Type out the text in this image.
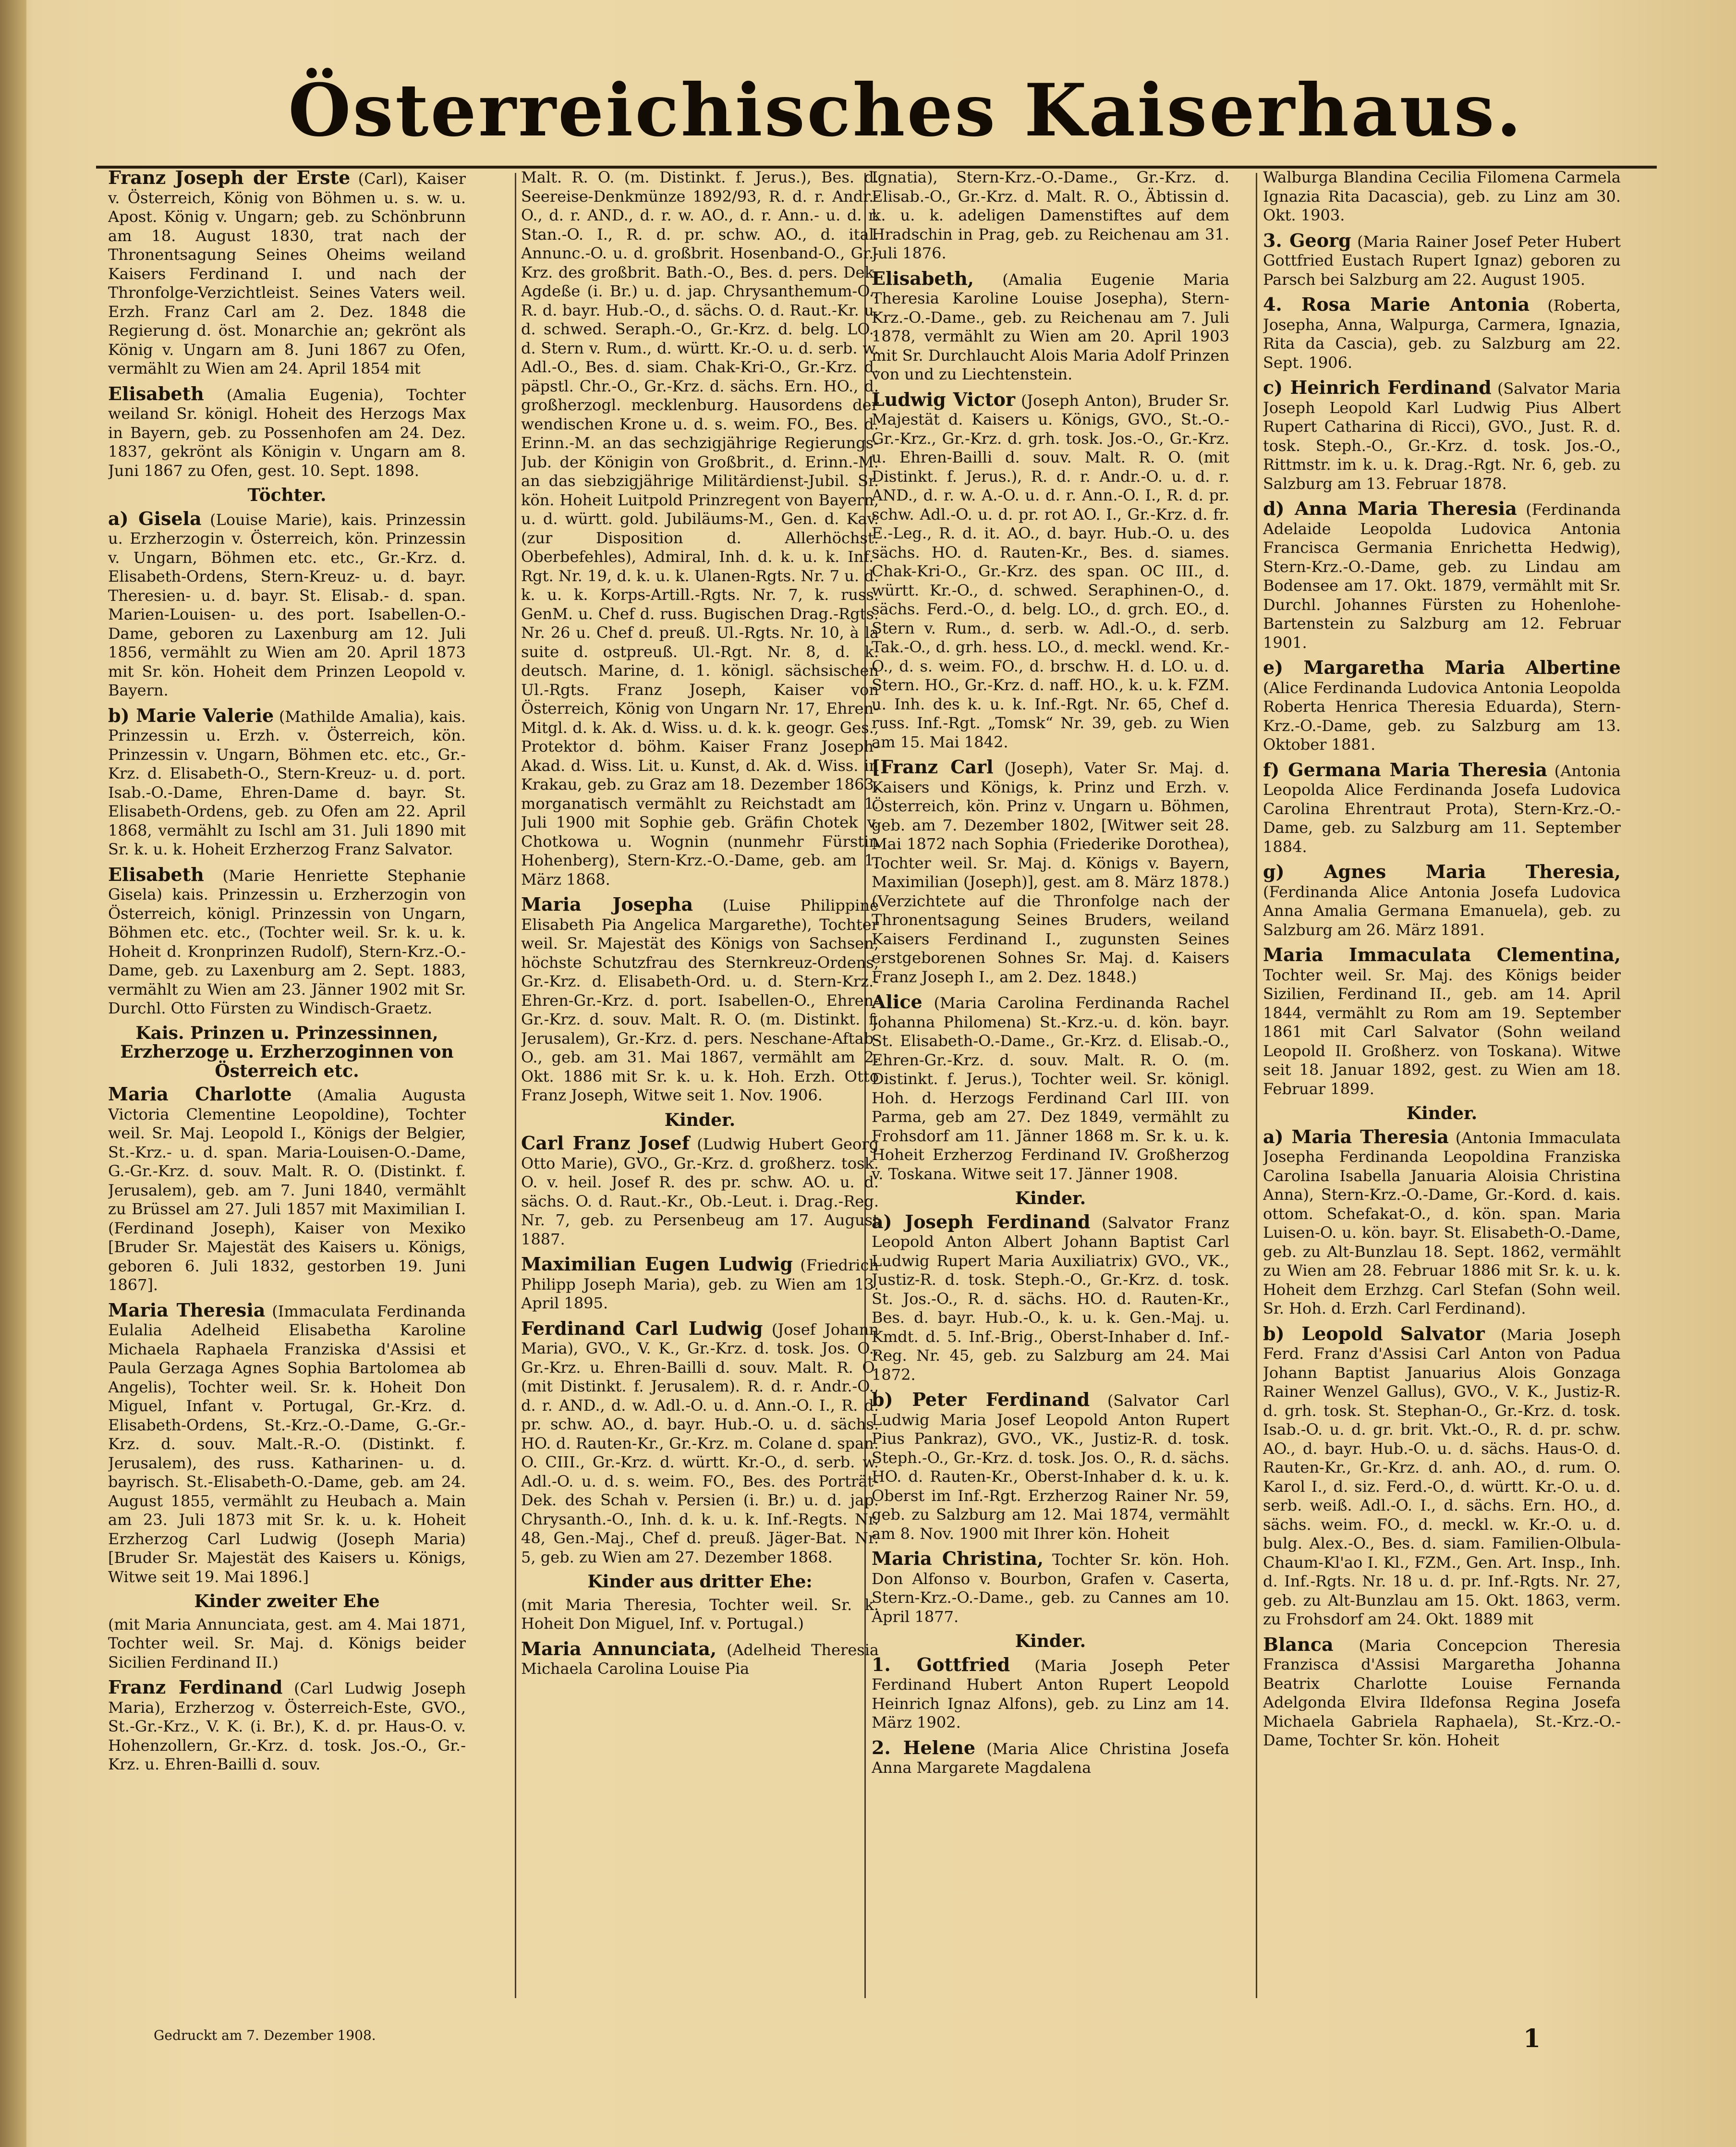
Österreichisches Kaiserhaus.
Franz Joseph der Erste (Carl), Kaiser v. Österreich, König von Böhmen u. s. w. u. Apost. König v. Ungarn; geb. zu Schönbrunn am 18. August 1830, trat nach der Thronentsagung Seines Oheims weiland Kaisers Ferdinand I. und nach der Thronfolge-Verzichtleist. Seines Vaters weil. Erzh. Franz Carl am 2. Dez. 1848 die Regierung d. öst. Monarchie an; gekrönt als König v. Ungarn am 8. Juni 1867 zu Ofen, vermählt zu Wien am 24. April 1854 mit
Elisabeth (Amalia Eugenia), Tochter weiland Sr. königl. Hoheit des Herzogs Max in Bayern, geb. zu Possenhofen am 24. Dez. 1837, gekrönt als Königin v. Ungarn am 8. Juni 1867 zu Ofen, gest. 10. Sept. 1898.
Töchter.
a) Gisela (Louise Marie), kais. Prinzessin u. Erzherzogin v. Österreich, kön. Prinzessin v. Ungarn, Böhmen etc. etc., Gr.-Krz. d. Elisabeth-Ordens, Stern-Kreuz- u. d. bayr. Theresien- u. d. bayr. St. Elisab.- d. span. Marien-Louisen- u. des port. Isabellen-O.-Dame, geboren zu Laxenburg am 12. Juli 1856, vermählt zu Wien am 20. April 1873 mit Sr. kön. Hoheit dem Prinzen Leopold v. Bayern.
b) Marie Valerie (Mathilde Amalia), kais. Prinzessin u. Erzh. v. Österreich, kön. Prinzessin v. Ungarn, Böhmen etc. etc., Gr.-Krz. d. Elisabeth-O., Stern-Kreuz- u. d. port. Isab.-O.-Dame, Ehren-Dame d. bayr. St. Elisabeth-Ordens, geb. zu Ofen am 22. April 1868, vermählt zu Ischl am 31. Juli 1890 mit Sr. k. u. k. Hoheit Erzherzog Franz Salvator.
Elisabeth (Marie Henriette Stephanie Gisela) kais. Prinzessin u. Erzherzogin von Österreich, königl. Prinzessin von Ungarn, Böhmen etc. etc., (Tochter weil. Sr. k. u. k. Hoheit d. Kronprinzen Rudolf), Stern-Krz.-O.-Dame, geb. zu Laxenburg am 2. Sept. 1883, vermählt zu Wien am 23. Jänner 1902 mit Sr. Durchl. Otto Fürsten zu Windisch-Graetz.
Kais. Prinzen u. Prinzessinnen, Erzherzoge u. Erzherzoginnen von Österreich etc.
Maria Charlotte (Amalia Augusta Victoria Clementine Leopoldine), Tochter weil. Sr. Maj. Leopold I., Königs der Belgier, St.-Krz.- u. d. span. Maria-Louisen-O.-Dame, G.-Gr.-Krz. d. souv. Malt. R. O. (Distinkt. f. Jerusalem), geb. am 7. Juni 1840, vermählt zu Brüssel am 27. Juli 1857 mit Maximilian I. (Ferdinand Joseph), Kaiser von Mexiko [Bruder Sr. Majestät des Kaisers u. Königs, geboren 6. Juli 1832, gestorben 19. Juni 1867].
Maria Theresia (Immaculata Ferdinanda Eulalia Adelheid Elisabetha Karoline Michaela Raphaela Franziska d'Assisi et Paula Gerzaga Agnes Sophia Bartolomea ab Angelis), Tochter weil. Sr. k. Hoheit Don Miguel, Infant v. Portugal, Gr.-Krz. d. Elisabeth-Ordens, St.-Krz.-O.-Dame, G.-Gr.-Krz. d. souv. Malt.-R.-O. (Distinkt. f. Jerusalem), des russ. Katharinen- u. d. bayrisch. St.-Elisabeth-O.-Dame, geb. am 24. August 1855, vermählt zu Heubach a. Main am 23. Juli 1873 mit Sr. k. u. k. Hoheit Erzherzog Carl Ludwig (Joseph Maria) [Bruder Sr. Majestät des Kaisers u. Königs, Witwe seit 19. Mai 1896.]
Kinder zweiter Ehe
(mit Maria Annunciata, gest. am 4. Mai 1871, Tochter weil. Sr. Maj. d. Königs beider Sicilien Ferdinand II.)
Franz Ferdinand (Carl Ludwig Joseph Maria), Erzherzog v. Österreich-Este, GVO., St.-Gr.-Krz., V. K. (i. Br.), K. d. pr. Haus-O. v. Hohenzollern, Gr.-Krz. d. tosk. Jos.-O., Gr.-Krz. u. Ehren-Bailli d. souv.
Malt. R. O. (m. Distinkt. f. Jerus.), Bes. d. Seereise-Denkmünze 1892/93, R. d. r. Andr.-O., d. r. AND., d. r. w. AO., d. r. Ann.- u. d. r. Stan.-O. I., R. d. pr. schw. AO., d. ital. Annunc.-O. u. d. großbrit. Hosenband-O., Gr.-Krz. des großbrit. Bath.-O., Bes. d. pers. Dek. Agdeße (i. Br.) u. d. jap. Chrysanthemum-O., R. d. bayr. Hub.-O., d. sächs. O. d. Raut.-Kr. u. d. schwed. Seraph.-O., Gr.-Krz. d. belg. LO., d. Stern v. Rum., d. württ. Kr.-O. u. d. serb. w. Adl.-O., Bes. d. siam. Chak-Kri-O., Gr.-Krz. d. päpstl. Chr.-O., Gr.-Krz. d. sächs. Ern. HO., d. großherzogl. mecklenburg. Hausordens der wendischen Krone u. d. s. weim. FO., Bes. d. Erinn.-M. an das sechzigjährige Regierungs-Jub. der Königin von Großbrit., d. Erinn.-M. an das siebzigjährige Militärdienst-Jubil. Sr. kön. Hoheit Luitpold Prinzregent von Bayern, u. d. württ. gold. Jubiläums-M., Gen. d. Kav. (zur Disposition d. Allerhöchst. Oberbefehles), Admiral, Inh. d. k. u. k. Inf.-Rgt. Nr. 19, d. k. u. k. Ulanen-Rgts. Nr. 7 u. d. k. u. k. Korps-Artill.-Rgts. Nr. 7, k. russ. GenM. u. Chef d. russ. Bugischen Drag.-Rgts. Nr. 26 u. Chef d. preuß. Ul.-Rgts. Nr. 10, à la suite d. ostpreuß. Ul.-Rgt. Nr. 8, d. k. deutsch. Marine, d. 1. königl. sächsischen Ul.-Rgts. Franz Joseph, Kaiser von Österreich, König von Ungarn Nr. 17, Ehren-Mitgl. d. k. Ak. d. Wiss. u. d. k. k. geogr. Ges., Protektor d. böhm. Kaiser Franz Joseph-Akad. d. Wiss. Lit. u. Kunst, d. Ak. d. Wiss. in Krakau, geb. zu Graz am 18. Dezember 1863, morganatisch vermählt zu Reichstadt am 1. Juli 1900 mit Sophie geb. Gräfin Chotek v. Chotkowa u. Wognin (nunmehr Fürstin Hohenberg), Stern-Krz.-O.-Dame, geb. am 1. März 1868.
Maria Josepha (Luise Philippine Elisabeth Pia Angelica Margarethe), Tochter weil. Sr. Majestät des Königs von Sachsen, höchste Schutzfrau des Sternkreuz-Ordens, Gr.-Krz. d. Elisabeth-Ord. u. d. Stern-Krz.-Ehren-Gr.-Krz. d. port. Isabellen-O., Ehren-Gr.-Krz. d. souv. Malt. R. O. (m. Distinkt. f. Jerusalem), Gr.-Krz. d. pers. Neschane-Aftab-O., geb. am 31. Mai 1867, vermählt am 2. Okt. 1886 mit Sr. k. u. k. Hoh. Erzh. Otto Franz Joseph, Witwe seit 1. Nov. 1906.
Kinder.
Carl Franz Josef (Ludwig Hubert Georg Otto Marie), GVO., Gr.-Krz. d. großherz. tosk. O. v. heil. Josef R. des pr. schw. AO. u. d. sächs. O. d. Raut.-Kr., Ob.-Leut. i. Drag.-Reg. Nr. 7, geb. zu Persenbeug am 17. August 1887.
Maximilian Eugen Ludwig (Friedrich Philipp Joseph Maria), geb. zu Wien am 13. April 1895.
Ferdinand Carl Ludwig (Josef Johann Maria), GVO., V. K., Gr.-Krz. d. tosk. Jos. O., Gr.-Krz. u. Ehren-Bailli d. souv. Malt. R. O. (mit Distinkt. f. Jerusalem). R. d. r. Andr.-O., d. r. AND., d. w. Adl.-O. u. d. Ann.-O. I., R. d. pr. schw. AO., d. bayr. Hub.-O. u. d. sächs. HO. d. Rauten-Kr., Gr.-Krz. m. Colane d. span. O. CIII., Gr.-Krz. d. württ. Kr.-O., d. serb. w. Adl.-O. u. d. s. weim. FO., Bes. des Porträt-Dek. des Schah v. Persien (i. Br.) u. d. jap. Chrysanth.-O., Inh. d. k. u. k. Inf.-Regts. Nr. 48, Gen.-Maj., Chef d. preuß. Jäger-Bat. Nr. 5, geb. zu Wien am 27. Dezember 1868.
Kinder aus dritter Ehe:
(mit Maria Theresia, Tochter weil. Sr. k. Hoheit Don Miguel, Inf. v. Portugal.)
Maria Annunciata, (Adelheid Theresia Michaela Carolina Louise Pia
Ignatia), Stern-Krz.-O.-Dame., Gr.-Krz. d. Elisab.-O., Gr.-Krz. d. Malt. R. O., Äbtissin d. k. u. k. adeligen Damenstiftes auf dem Hradschin in Prag, geb. zu Reichenau am 31. Juli 1876.
Elisabeth, (Amalia Eugenie Maria Theresia Karoline Louise Josepha), Stern-Krz.-O.-Dame., geb. zu Reichenau am 7. Juli 1878, vermählt zu Wien am 20. April 1903 mit Sr. Durchlaucht Alois Maria Adolf Prinzen von und zu Liechtenstein.
Ludwig Victor (Joseph Anton), Bruder Sr. Majestät d. Kaisers u. Königs, GVO., St.-O.-Gr.-Krz., Gr.-Krz. d. grh. tosk. Jos.-O., Gr.-Krz. u. Ehren-Bailli d. souv. Malt. R. O. (mit Distinkt. f. Jerus.), R. d. r. Andr.-O. u. d. r. AND., d. r. w. A.-O. u. d. r. Ann.-O. I., R. d. pr. schw. Adl.-O. u. d. pr. rot AO. I., Gr.-Krz. d. fr. E.-Leg., R. d. it. AO., d. bayr. Hub.-O. u. des sächs. HO. d. Rauten-Kr., Bes. d. siames. Chak-Kri-O., Gr.-Krz. des span. OC III., d. württ. Kr.-O., d. schwed. Seraphinen-O., d. sächs. Ferd.-O., d. belg. LO., d. grch. EO., d. Stern v. Rum., d. serb. w. Adl.-O., d. serb. Tak.-O., d. grh. hess. LO., d. meckl. wend. Kr.-O., d. s. weim. FO., d. brschw. H. d. LO. u. d. Stern. HO., Gr.-Krz. d. naff. HO., k. u. k. FZM. u. Inh. des k. u. k. Inf.-Rgt. Nr. 65, Chef d. russ. Inf.-Rgt. „Tomsk“ Nr. 39, geb. zu Wien am 15. Mai 1842.
[Franz Carl (Joseph), Vater Sr. Maj. d. Kaisers und Königs, k. Prinz und Erzh. v. Österreich, kön. Prinz v. Ungarn u. Böhmen, geb. am 7. Dezember 1802, [Witwer seit 28. Mai 1872 nach Sophia (Friederike Dorothea), Tochter weil. Sr. Maj. d. Königs v. Bayern, Maximilian (Joseph)], gest. am 8. März 1878.) (Verzichtete auf die Thronfolge nach der Thronentsagung Seines Bruders, weiland Kaisers Ferdinand I., zugunsten Seines erstgeborenen Sohnes Sr. Maj. d. Kaisers Franz Joseph I., am 2. Dez. 1848.)
Alice (Maria Carolina Ferdinanda Rachel Johanna Philomena) St.-Krz.-u. d. kön. bayr. St. Elisabeth-O.-Dame., Gr.-Krz. d. Elisab.-O., Ehren-Gr.-Krz. d. souv. Malt. R. O. (m. Distinkt. f. Jerus.), Tochter weil. Sr. königl. Hoh. d. Herzogs Ferdinand Carl III. von Parma, geb am 27. Dez 1849, vermählt zu Frohsdorf am 11. Jänner 1868 m. Sr. k. u. k. Hoheit Erzherzog Ferdinand IV. Großherzog v. Toskana. Witwe seit 17. Jänner 1908.
Kinder.
a) Joseph Ferdinand (Salvator Franz Leopold Anton Albert Johann Baptist Carl Ludwig Rupert Maria Auxiliatrix) GVO., VK., Justiz-R. d. tosk. Steph.-O., Gr.-Krz. d. tosk. St. Jos.-O., R. d. sächs. HO. d. Rauten-Kr., Bes. d. bayr. Hub.-O., k. u. k. Gen.-Maj. u. Kmdt. d. 5. Inf.-Brig., Oberst-Inhaber d. Inf.-Reg. Nr. 45, geb. zu Salzburg am 24. Mai 1872.
b) Peter Ferdinand (Salvator Carl Ludwig Maria Josef Leopold Anton Rupert Pius Pankraz), GVO., VK., Justiz-R. d. tosk. Steph.-O., Gr.-Krz. d. tosk. Jos. O., R. d. sächs. HO. d. Rauten-Kr., Oberst-Inhaber d. k. u. k. Oberst im Inf.-Rgt. Erzherzog Rainer Nr. 59, geb. zu Salzburg am 12. Mai 1874, vermählt am 8. Nov. 1900 mit Ihrer kön. Hoheit
Maria Christina, Tochter Sr. kön. Hoh. Don Alfonso v. Bourbon, Grafen v. Caserta, Stern-Krz.-O.-Dame., geb. zu Cannes am 10. April 1877.
Kinder.
1. Gottfried (Maria Joseph Peter Ferdinand Hubert Anton Rupert Leopold Heinrich Ignaz Alfons), geb. zu Linz am 14. März 1902.
2. Helene (Maria Alice Christina Josefa Anna Margarete Magdalena
Walburga Blandina Cecilia Filomena Carmela Ignazia Rita Dacascia), geb. zu Linz am 30. Okt. 1903.
3. Georg (Maria Rainer Josef Peter Hubert Gottfried Eustach Rupert Ignaz) geboren zu Parsch bei Salzburg am 22. August 1905.
4. Rosa Marie Antonia (Roberta, Josepha, Anna, Walpurga, Carmera, Ignazia, Rita da Cascia), geb. zu Salzburg am 22. Sept. 1906.
c) Heinrich Ferdinand (Salvator Maria Joseph Leopold Karl Ludwig Pius Albert Rupert Catharina di Ricci), GVO., Just. R. d. tosk. Steph.-O., Gr.-Krz. d. tosk. Jos.-O., Rittmstr. im k. u. k. Drag.-Rgt. Nr. 6, geb. zu Salzburg am 13. Februar 1878.
d) Anna Maria Theresia (Ferdinanda Adelaide Leopolda Ludovica Antonia Francisca Germania Enrichetta Hedwig), Stern-Krz.-O.-Dame, geb. zu Lindau am Bodensee am 17. Okt. 1879, vermählt mit Sr. Durchl. Johannes Fürsten zu Hohenlohe-Bartenstein zu Salzburg am 12. Februar 1901.
e) Margaretha Maria Albertine (Alice Ferdinanda Ludovica Antonia Leopolda Roberta Henrica Theresia Eduarda), Stern-Krz.-O.-Dame, geb. zu Salzburg am 13. Oktober 1881.
f) Germana Maria Theresia (Antonia Leopolda Alice Ferdinanda Josefa Ludovica Carolina Ehrentraut Prota), Stern-Krz.-O.-Dame, geb. zu Salzburg am 11. September 1884.
g) Agnes Maria Theresia, (Ferdinanda Alice Antonia Josefa Ludovica Anna Amalia Germana Emanuela), geb. zu Salzburg am 26. März 1891.
Maria Immaculata Clementina, Tochter weil. Sr. Maj. des Königs beider Sizilien, Ferdinand II., geb. am 14. April 1844, vermählt zu Rom am 19. September 1861 mit Carl Salvator (Sohn weiland Leopold II. Großherz. von Toskana). Witwe seit 18. Januar 1892, gest. zu Wien am 18. Februar 1899.
Kinder.
a) Maria Theresia (Antonia Immaculata Josepha Ferdinanda Leopoldina Franziska Carolina Isabella Januaria Aloisia Christina Anna), Stern-Krz.-O.-Dame, Gr.-Kord. d. kais. ottom. Schefakat-O., d. kön. span. Maria Luisen-O. u. kön. bayr. St. Elisabeth-O.-Dame, geb. zu Alt-Bunzlau 18. Sept. 1862, vermählt zu Wien am 28. Februar 1886 mit Sr. k. u. k. Hoheit dem Erzhzg. Carl Stefan (Sohn weil. Sr. Hoh. d. Erzh. Carl Ferdinand).
b) Leopold Salvator (Maria Joseph Ferd. Franz d'Assisi Carl Anton von Padua Johann Baptist Januarius Alois Gonzaga Rainer Wenzel Gallus), GVO., V. K., Justiz-R. d. grh. tosk. St. Stephan-O., Gr.-Krz. d. tosk. Isab.-O. u. d. gr. brit. Vkt.-O., R. d. pr. schw. AO., d. bayr. Hub.-O. u. d. sächs. Haus-O. d. Rauten-Kr., Gr.-Krz. d. anh. AO., d. rum. O. Karol I., d. siz. Ferd.-O., d. württ. Kr.-O. u. d. serb. weiß. Adl.-O. I., d. sächs. Ern. HO., d. sächs. weim. FO., d. meckl. w. Kr.-O. u. d. bulg. Alex.-O., Bes. d. siam. Familien-Olbula-Chaum-Kl'ao I. Kl., FZM., Gen. Art. Insp., Inh. d. Inf.-Rgts. Nr. 18 u. d. pr. Inf.-Rgts. Nr. 27, geb. zu Alt-Bunzlau am 15. Okt. 1863, verm. zu Frohsdorf am 24. Okt. 1889 mit
Blanca (Maria Concepcion Theresia Franzisca d'Assisi Margaretha Johanna Beatrix Charlotte Louise Fernanda Adelgonda Elvira Ildefonsa Regina Josefa Michaela Gabriela Raphaela), St.-Krz.-O.-Dame, Tochter Sr. kön. Hoheit
Gedruckt am 7. Dezember 1908.	1
